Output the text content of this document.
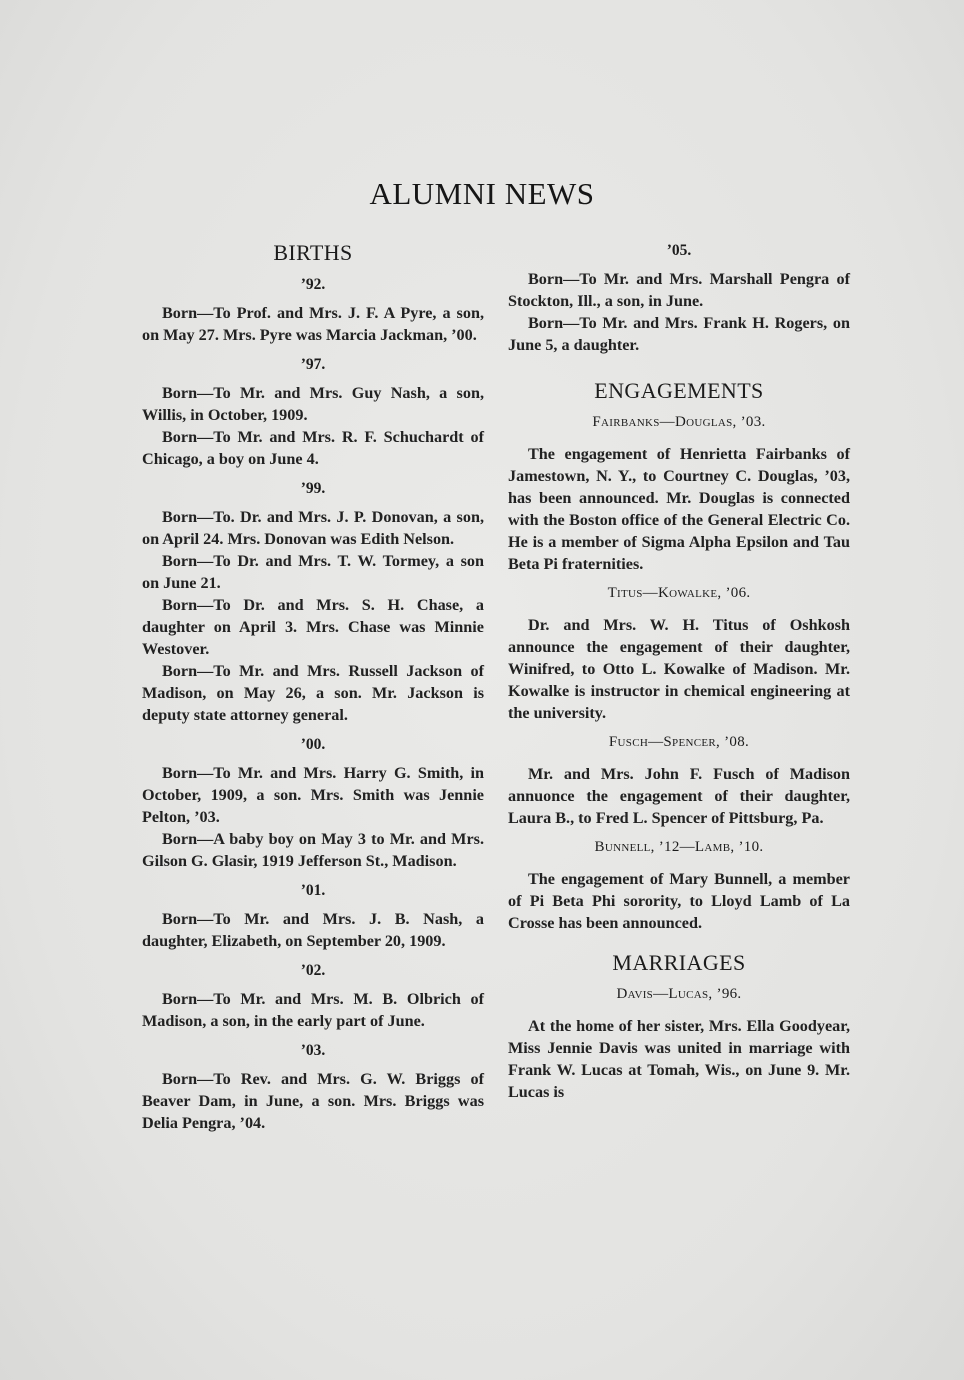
ALUMNI NEWS
BIRTHS
’92.

Born—To Prof. and Mrs. J. F. A Pyre, a son, on May 27. Mrs. Pyre was Marcia Jackman, ’00.

’97.

Born—To Mr. and Mrs. Guy Nash, a son, Willis, in October, 1909.

Born—To Mr. and Mrs. R. F. Schuchardt of Chicago, a boy on June 4.

’99.

Born—To. Dr. and Mrs. J. P. Donovan, a son, on April 24. Mrs. Donovan was Edith Nelson.

Born—To Dr. and Mrs. T. W. Tormey, a son on June 21.

Born—To Dr. and Mrs. S. H. Chase, a daughter on April 3. Mrs. Chase was Minnie Westover.

Born—To Mr. and Mrs. Russell Jackson of Madison, on May 26, a son. Mr. Jackson is deputy state attorney general.

’00.

Born—To Mr. and Mrs. Harry G. Smith, in October, 1909, a son. Mrs. Smith was Jennie Pelton, ’03.

Born—A baby boy on May 3 to Mr. and Mrs. Gilson G. Glasir, 1919 Jefferson St., Madison.

’01.

Born—To Mr. and Mrs. J. B. Nash, a daughter, Elizabeth, on September 20, 1909.

’02.

Born—To Mr. and Mrs. M. B. Olbrich of Madison, a son, in the early part of June.

’03.

Born—To Rev. and Mrs. G. W. Briggs of Beaver Dam, in June, a son. Mrs. Briggs was Delia Pengra, ’04.

’05.

Born—To Mr. and Mrs. Marshall Pengra of Stockton, Ill., a son, in June.

Born—To Mr. and Mrs. Frank H. Rogers, on June 5, a daughter.

ENGAGEMENTS
Fairbanks—Douglas, ’03.

The engagement of Henrietta Fairbanks of Jamestown, N. Y., to Courtney C. Douglas, ’03, has been announced. Mr. Douglas is connected with the Boston office of the General Electric Co. He is a member of Sigma Alpha Epsilon and Tau Beta Pi fraternities.

Titus—Kowalke, ’06.

Dr. and Mrs. W. H. Titus of Oshkosh announce the engagement of their daughter, Winifred, to Otto L. Kowalke of Madison. Mr. Kowalke is instructor in chemical engineering at the university.

Fusch—Spencer, ’08.

Mr. and Mrs. John F. Fusch of Madison annuonce the engagement of their daughter, Laura B., to Fred L. Spencer of Pittsburg, Pa.

Bunnell, ’12—Lamb, ’10.

The engagement of Mary Bunnell, a member of Pi Beta Phi sorority, to Lloyd Lamb of La Crosse has been announced.

MARRIAGES
Davis—Lucas, ’96.

At the home of her sister, Mrs. Ella Goodyear, Miss Jennie Davis was united in marriage with Frank W. Lucas at Tomah, Wis., on June 9. Mr. Lucas is
